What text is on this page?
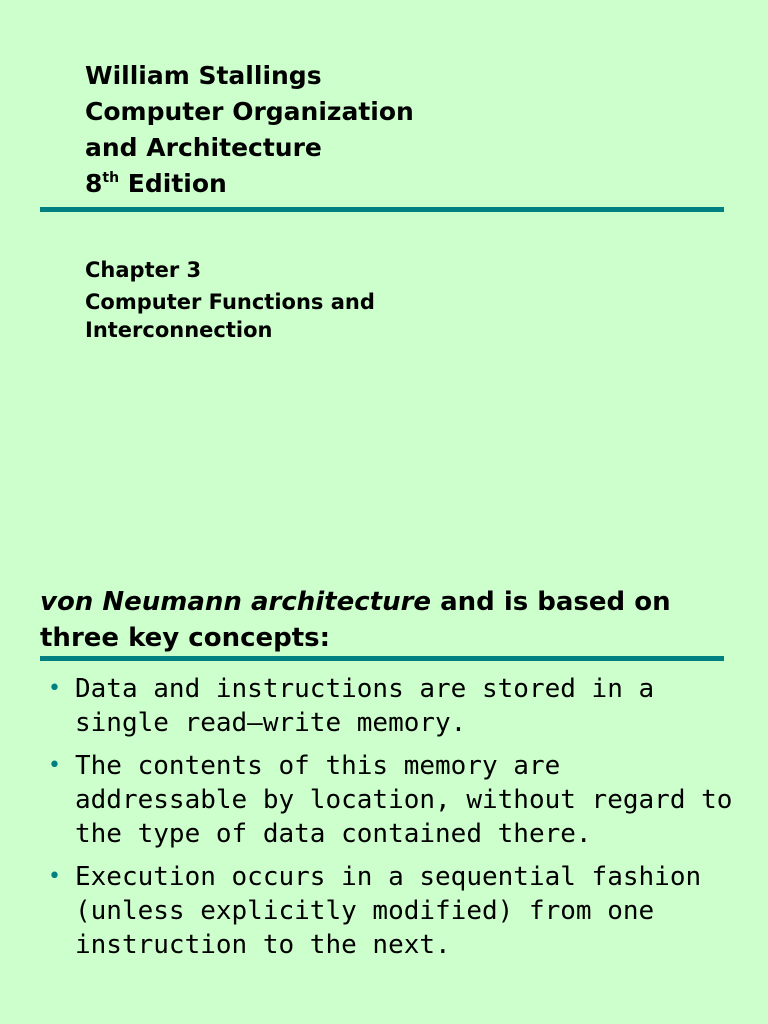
William Stallings
Computer Organization
and Architecture
8th Edition
Chapter 3
Computer Functions and Interconnection
von Neumann architecture and is based on three key concepts:
• Data and instructions are stored in a single read–write memory.
• The contents of this memory are addressable by location, without regard to the type of data contained there.
• Execution occurs in a sequential fashion (unless explicitly modified) from one instruction to the next.
